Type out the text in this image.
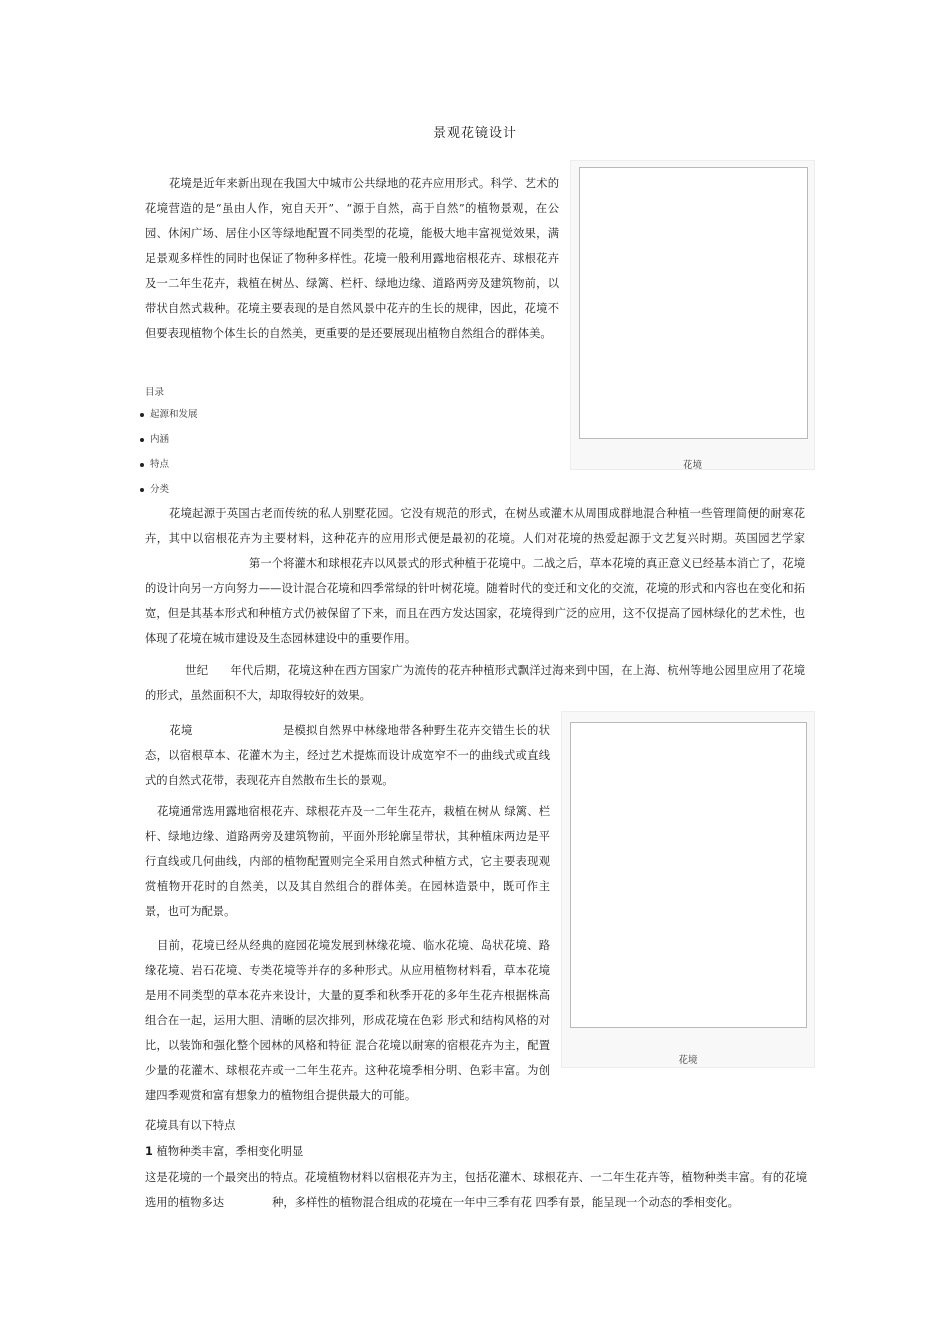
景观花镜设计

花境是近年来新出现在我国大中城市公共绿地的花卉应用形式。科学、艺术的花境营造的是“虽由人作，宛自天开”、“源于自然，高于自然”的植物景观，在公园、休闲广场、居住小区等绿地配置不同类型的花境，能极大地丰富视觉效果，满足景观多样性的同时也保证了物种多样性。花境一般利用露地宿根花卉、球根花卉及一二年生花卉，栽植在树丛、绿篱、栏杆、绿地边缘、道路两旁及建筑物前，以带状自然式栽种。花境主要表现的是自然风景中花卉的生长的规律，因此，花境不但要表现植物个体生长的自然美，更重要的是还要展现出植物自然组合的群体美。

花境
目录
起源和发展
内涵
特点
分类

花境起源于英国古老而传统的私人别墅花园。它没有规范的形式，在树丛或灌木从周围成群地混合种植一些管理简便的耐寒花卉，其中以宿根花卉为主要材料，这种花卉的应用形式便是最初的花境。人们对花境的热爱起源于文艺复兴时期。英国园艺学家第一个将灌木和球根花卉以风景式的形式种植于花境中。二战之后，草本花境的真正意义已经基本消亡了，花境的设计向另一方向努力——设计混合花境和四季常绿的针叶树花境。随着时代的变迁和文化的交流，花境的形式和内容也在变化和拓宽，但是其基本形式和种植方式仍被保留了下来，而且在西方发达国家，花境得到广泛的应用，这不仅提高了园林绿化的艺术性，也体现了花境在城市建设及生态园林建设中的重要作用。

世纪 年代后期，花境这种在西方国家广为流传的花卉种植形式飘洋过海来到中国，在上海、杭州等地公园里应用了花境的形式，虽然面积不大，却取得较好的效果。

花境	是模拟自然界中林缘地带各种野生花卉交错生长的状态，以宿根草本、花灌木为主，经过艺术提炼而设计成宽窄不一的曲线式或直线式的自然式花带，表现花卉自然散布生长的景观。

花境通常选用露地宿根花卉、球根花卉及一二年生花卉，栽植在树从 绿篱、栏杆、绿地边缘、道路两旁及建筑物前，平面外形轮廓呈带状，其种植床两边是平行直线或几何曲线，内部的植物配置则完全采用自然式种植方式，它主要表现观赏植物开花时的自然美，以及其自然组合的群体美。在园林造景中，既可作主景，也可为配景。

目前，花境已经从经典的庭园花境发展到林缘花境、临水花境、岛状花境、路缘花境、岩石花境、专类花境等并存的多种形式。从应用植物材料看，草本花境是用不同类型的草本花卉来设计，大量的夏季和秋季开花的多年生花卉根据株高组合在一起，运用大胆、清晰的层次排列，形成花境在色彩 形式和结构风格的对比，以装饰和强化整个园林的风格和特征 混合花境以耐寒的宿根花卉为主，配置少量的花灌木、球根花卉或一二年生花卉。这种花境季相分明、色彩丰富。为创建四季观赏和富有想象力的植物组合提供最大的可能。

花境
花境具有以下特点
1 植物种类丰富，季相变化明显

这是花境的一个最突出的特点。花境植物材料以宿根花卉为主，包括花灌木、球根花卉、一二年生花卉等，植物种类丰富。有的花境选用的植物多达	种，多样性的植物混合组成的花境在一年中三季有花 四季有景，能呈现一个动态的季相变化。
